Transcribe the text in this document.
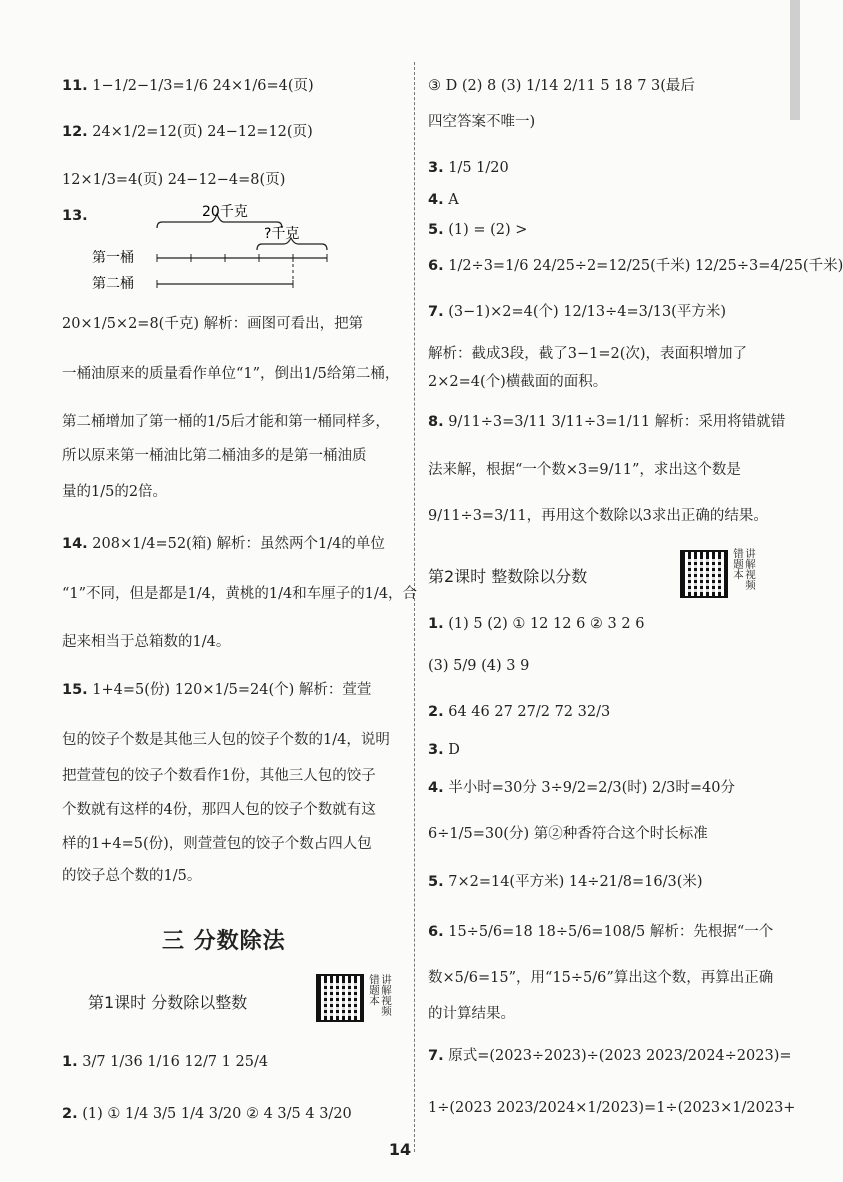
11. 1−1/2−1/3=1/6 24×1/6=4(页)
12. 24×1/2=12(页) 24−12=12(页)
12×1/3=4(页) 24−12−4=8(页)
13.	20千克
?千克
第一桶
第二桶
20×1/5×2=8(千克) 解析：画图可看出，把第
一桶油原来的质量看作单位“1”，倒出1/5给第二桶，
第二桶增加了第一桶的1/5后才能和第一桶同样多，
所以原来第一桶油比第二桶油多的是第一桶油质
量的1/5的2倍。
14. 208×1/4=52(箱) 解析：虽然两个1/4的单位
“1”不同，但是都是1/4，黄桃的1/4和车厘子的1/4，合
起来相当于总箱数的1/4。
15. 1+4=5(份) 120×1/5=24(个) 解析：萱萱
包的饺子个数是其他三人包的饺子个数的1/4，说明
把萱萱包的饺子个数看作1份，其他三人包的饺子
个数就有这样的4份，那四人包的饺子个数就有这
样的1+4=5(份)，则萱萱包的饺子个数占四人包
的饺子总个数的1/5。
三 分数除法
第1课时 分数除以整数	讲解视频 错题本
1. 3/7 1/36 1/16 12/7 1 25/4
2. (1) ① 1/4 3/5 1/4 3/20 ② 4 3/5 4 3/20
③ D (2) 8 (3) 1/14 2/11 5 18 7 3(最后
四空答案不唯一)
3. 1/5 1/20
4. A
5. (1) = (2) >
6. 1/2÷3=1/6 24/25÷2=12/25(千米) 12/25÷3=4/25(千米)
7. (3−1)×2=4(个) 12/13÷4=3/13(平方米)
解析：截成3段，截了3−1=2(次)，表面积增加了
2×2=4(个)横截面的面积。
8. 9/11÷3=3/11 3/11÷3=1/11 解析：采用将错就错
法来解，根据“一个数×3=9/11”，求出这个数是
9/11÷3=3/11，再用这个数除以3求出正确的结果。
第2课时 整数除以分数	讲解视频 错题本
1. (1) 5 (2) ① 12 12 6 ② 3 2 6
(3) 5/9 (4) 3 9
2. 64 46 27 27/2 72 32/3
3. D
4. 半小时=30分 3÷9/2=2/3(时) 2/3时=40分
6÷1/5=30(分) 第②种香符合这个时长标准
5. 7×2=14(平方米) 14÷21/8=16/3(米)
6. 15÷5/6=18 18÷5/6=108/5 解析：先根据“一个
数×5/6=15”，用“15÷5/6”算出这个数，再算出正确
的计算结果。
7. 原式=(2023÷2023)÷(2023 2023/2024÷2023)=
1÷(2023 2023/2024×1/2023)=1÷(2023×1/2023+
14
